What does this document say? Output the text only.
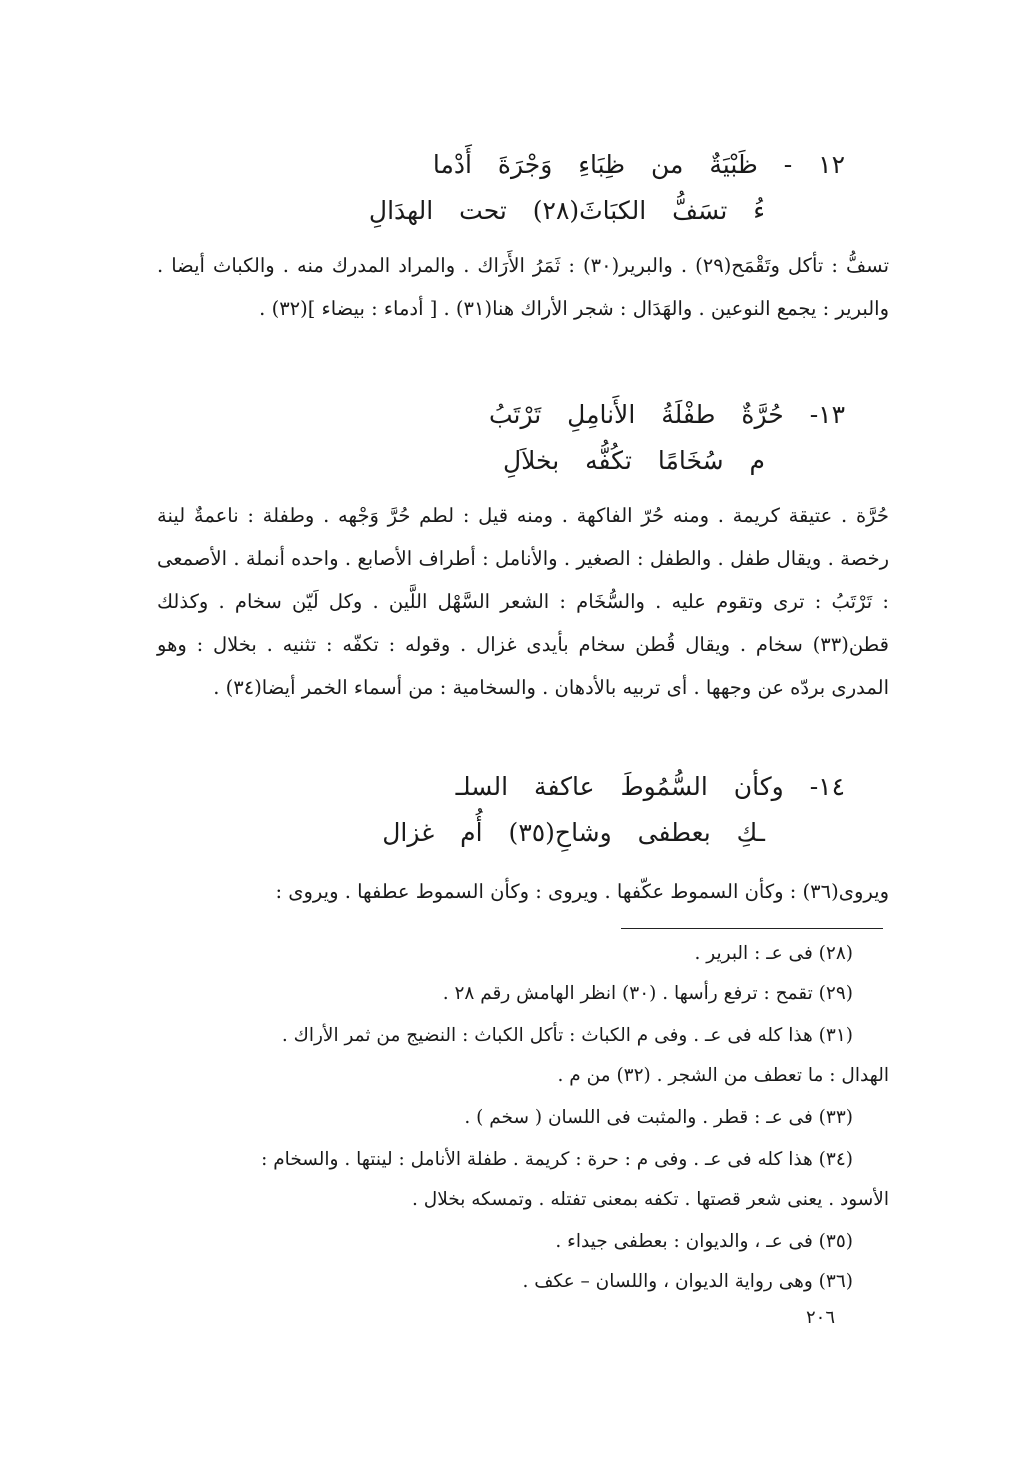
١٢ - ظَبْيَةٌ من ظِبَاءِ وَجْرَةَ أَدْما
ءُ تسَفُّ الكبَاثَ(٢٨) تحت الهدَالِ
تسفُّ : تأكل وتَقْمَح(٢٩) . والبرير(٣٠) : ثَمَرُ الأَرَاك . والمراد المدرك منه . والكباث أيضا . والبرير : يجمع النوعين . والهَدَال : شجر الأراك هنا(٣١) . [ أدماء : بيضاء ](٣٢) .
١٣- حُرَّةٌ طفْلَةُ الأَنامِلِ تَرْتَبُ
م سُخَامًا تكُفُّه بخلاَلِ
حُرَّة . عتيقة كريمة . ومنه حُرّ الفاكهة . ومنه قيل : لطم حُرَّ وَجْهه . وطفلة : ناعمةٌ لينة رخصة . ويقال طفل . والطفل : الصغير . والأنامل : أطراف الأصابع . واحده أنملة . الأصمعى : تَرْتَبُ : ترى وتقوم عليه . والسُّخَام : الشعر السَّهْل اللَّين . وكل لَيّن سخام . وكذلك قطن(٣٣) سخام . ويقال قُطن سخام بأيدى غزال . وقوله : تكفّه : تثنيه . بخلال : وهو المدرى بردّه عن وجهها . أى تربيه بالأدهان . والسخامية : من أسماء الخمر أيضا(٣٤) .
١٤- وكأن السُّمُوطَ عاكفة السلـ
ـكِ بعطفى وشاحِ(٣٥) أُم غزال
ويروى(٣٦) : وكأن السموط عكّفها . ويروى : وكأن السموط عطفها . ويروى :
(٢٨) فى عـ : البرير .
(٢٩) تقمح : ترفع رأسها . (٣٠) انظر الهامش رقم ٢٨ .
(٣١) هذا كله فى عـ . وفى م الكباث : تأكل الكباث : النضيج من ثمر الأراك .
الهدال : ما تعطف من الشجر . (٣٢) من م .
(٣٣) فى عـ : قطر . والمثبت فى اللسان ( سخم ) .
(٣٤) هذا كله فى عـ . وفى م : حرة : كريمة . طفلة الأنامل : لينتها . والسخام :
الأسود . يعنى شعر قصتها . تكفه بمعنى تفتله . وتمسكه بخلال .
(٣٥) فى عـ ، والديوان : بعطفى جيداء .
(٣٦) وهى رواية الديوان ، واللسان – عكف .
٢٠٦
